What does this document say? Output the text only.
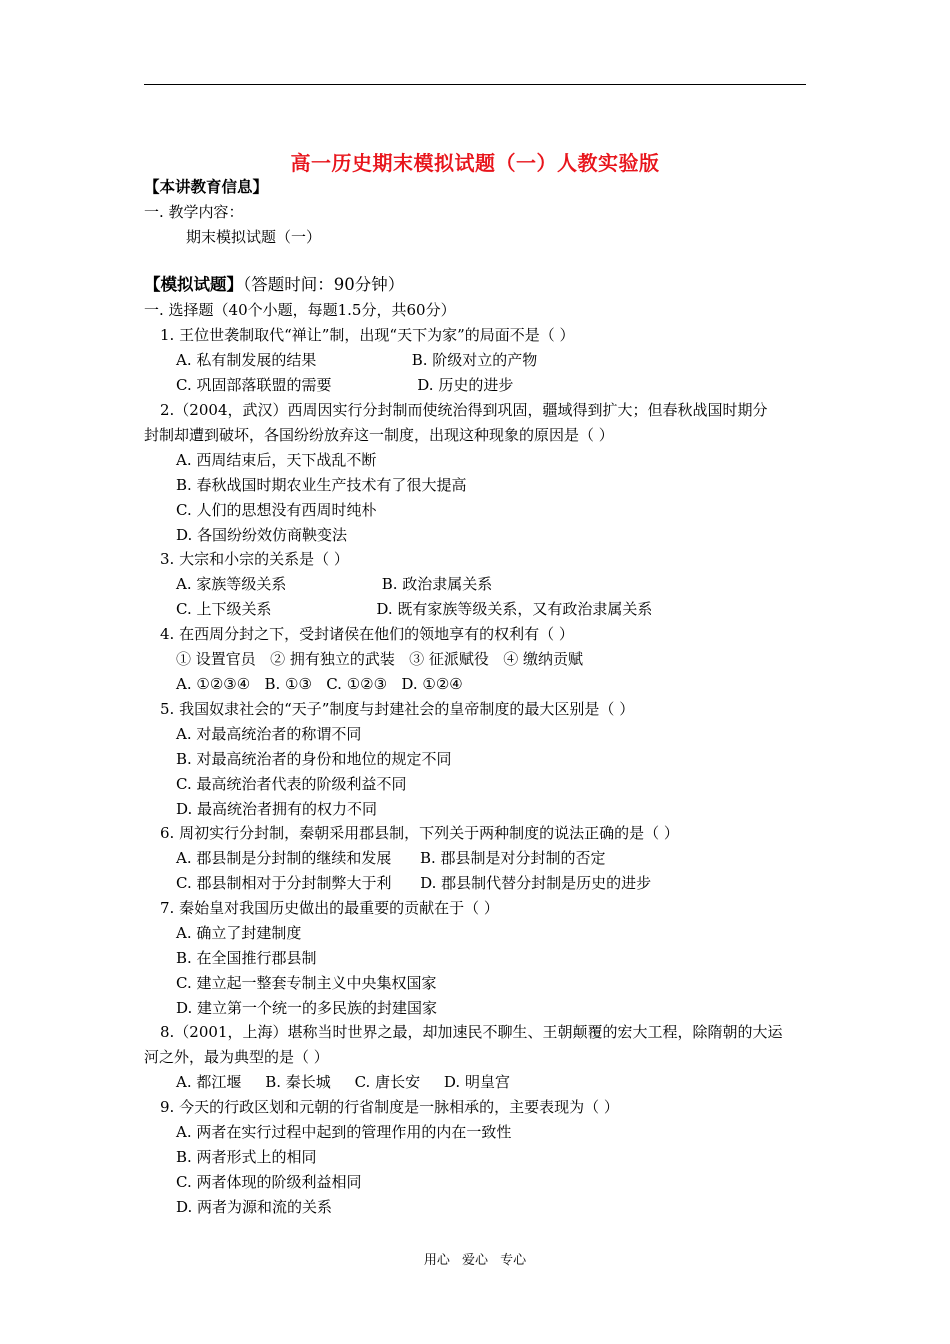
高一历史期末模拟试题（一）人教实验版
【本讲教育信息】
一. 教学内容：
期末模拟试题（一）
【模拟试题】（答题时间：90分钟）
一. 选择题（40个小题，每题1.5分，共60分）
1. 王位世袭制取代“禅让”制，出现“天下为家”的局面不是（ ）
A. 私有制发展的结果                    B. 阶级对立的产物
C. 巩固部落联盟的需要                  D. 历史的进步
2.（2004，武汉）西周因实行分封制而使统治得到巩固，疆域得到扩大；但春秋战国时期分
封制却遭到破坏，各国纷纷放弃这一制度，出现这种现象的原因是（ ）
A. 西周结束后，天下战乱不断
B. 春秋战国时期农业生产技术有了很大提高
C. 人们的思想没有西周时纯朴
D. 各国纷纷效仿商鞅变法
3. 大宗和小宗的关系是（ ）
A. 家族等级关系                    B. 政治隶属关系
C. 上下级关系                      D. 既有家族等级关系，又有政治隶属关系
4. 在西周分封之下，受封诸侯在他们的领地享有的权利有（ ）
① 设置官员   ② 拥有独立的武装   ③ 征派赋役   ④ 缴纳贡赋
A. ①②③④   B. ①③   C. ①②③   D. ①②④
5. 我国奴隶社会的“天子”制度与封建社会的皇帝制度的最大区别是（ ）
A. 对最高统治者的称谓不同
B. 对最高统治者的身份和地位的规定不同
C. 最高统治者代表的阶级利益不同
D. 最高统治者拥有的权力不同
6. 周初实行分封制，秦朝采用郡县制，下列关于两种制度的说法正确的是（ ）
A. 郡县制是分封制的继续和发展      B. 郡县制是对分封制的否定
C. 郡县制相对于分封制弊大于利      D. 郡县制代替分封制是历史的进步
7. 秦始皇对我国历史做出的最重要的贡献在于（ ）
A. 确立了封建制度
B. 在全国推行郡县制
C. 建立起一整套专制主义中央集权国家
D. 建立第一个统一的多民族的封建国家
8.（2001，上海）堪称当时世界之最，却加速民不聊生、王朝颠覆的宏大工程，除隋朝的大运
河之外，最为典型的是（ ）
A. 都江堰     B. 秦长城     C. 唐长安     D. 明皇宫
9. 今天的行政区划和元朝的行省制度是一脉相承的，主要表现为（ ）
A. 两者在实行过程中起到的管理作用的内在一致性
B. 两者形式上的相同
C. 两者体现的阶级利益相同
D. 两者为源和流的关系
用心 爱心 专心
